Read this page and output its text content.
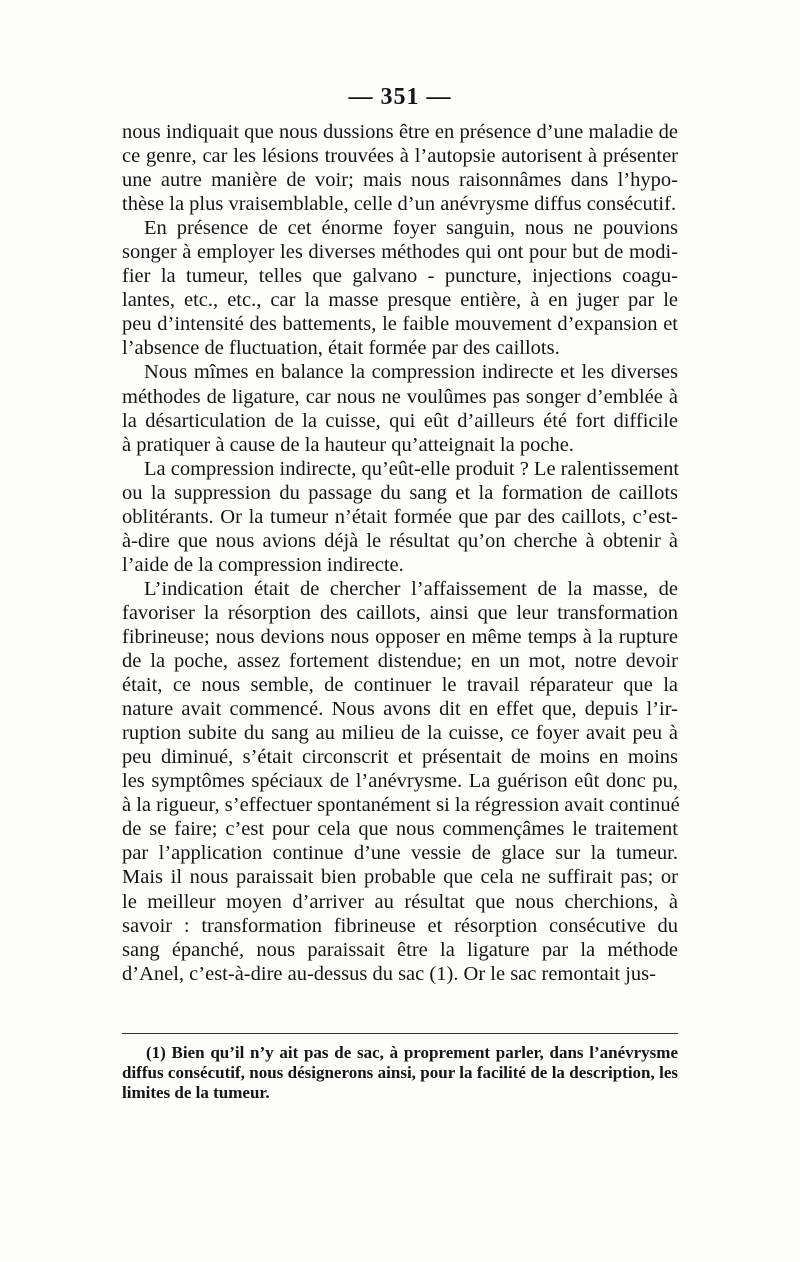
— 351 —
nous indiquait que nous dussions être en présence d’une maladie de
ce genre, car les lésions trouvées à l’autopsie autorisent à présenter
une autre manière de voir; mais nous raisonnâmes dans l’hypo-
thèse la plus vraisemblable, celle d’un anévrysme diffus consécutif.
En présence de cet énorme foyer sanguin, nous ne pouvions
songer à employer les diverses méthodes qui ont pour but de modi-
fier la tumeur, telles que galvano - puncture, injections coagu-
lantes, etc., etc., car la masse presque entière, à en juger par le
peu d’intensité des battements, le faible mouvement d’expansion et
l’absence de fluctuation, était formée par des caillots.
Nous mîmes en balance la compression indirecte et les diverses
méthodes de ligature, car nous ne voulûmes pas songer d’emblée à
la désarticulation de la cuisse, qui eût d’ailleurs été fort difficile
à pratiquer à cause de la hauteur qu’atteignait la poche.
La compression indirecte, qu’eût-elle produit ? Le ralentissement
ou la suppression du passage du sang et la formation de caillots
oblitérants. Or la tumeur n’était formée que par des caillots, c’est-
à-dire que nous avions déjà le résultat qu’on cherche à obtenir à
l’aide de la compression indirecte.
L’indication était de chercher l’affaissement de la masse, de
favoriser la résorption des caillots, ainsi que leur transformation
fibrineuse; nous devions nous opposer en même temps à la rupture
de la poche, assez fortement distendue; en un mot, notre devoir
était, ce nous semble, de continuer le travail réparateur que la
nature avait commencé. Nous avons dit en effet que, depuis l’ir-
ruption subite du sang au milieu de la cuisse, ce foyer avait peu à
peu diminué, s’était circonscrit et présentait de moins en moins
les symptômes spéciaux de l’anévrysme. La guérison eût donc pu,
à la rigueur, s’effectuer spontanément si la régression avait continué
de se faire; c’est pour cela que nous commençâmes le traitement
par l’application continue d’une vessie de glace sur la tumeur.
Mais il nous paraissait bien probable que cela ne suffirait pas; or
le meilleur moyen d’arriver au résultat que nous cherchions, à
savoir : transformation fibrineuse et résorption consécutive du
sang épanché, nous paraissait être la ligature par la méthode
d’Anel, c’est-à-dire au-dessus du sac (1). Or le sac remontait jus-
(1) Bien qu’il n’y ait pas de sac, à proprement parler, dans l’anévrysme
diffus consécutif, nous désignerons ainsi, pour la facilité de la description, les
limites de la tumeur.
